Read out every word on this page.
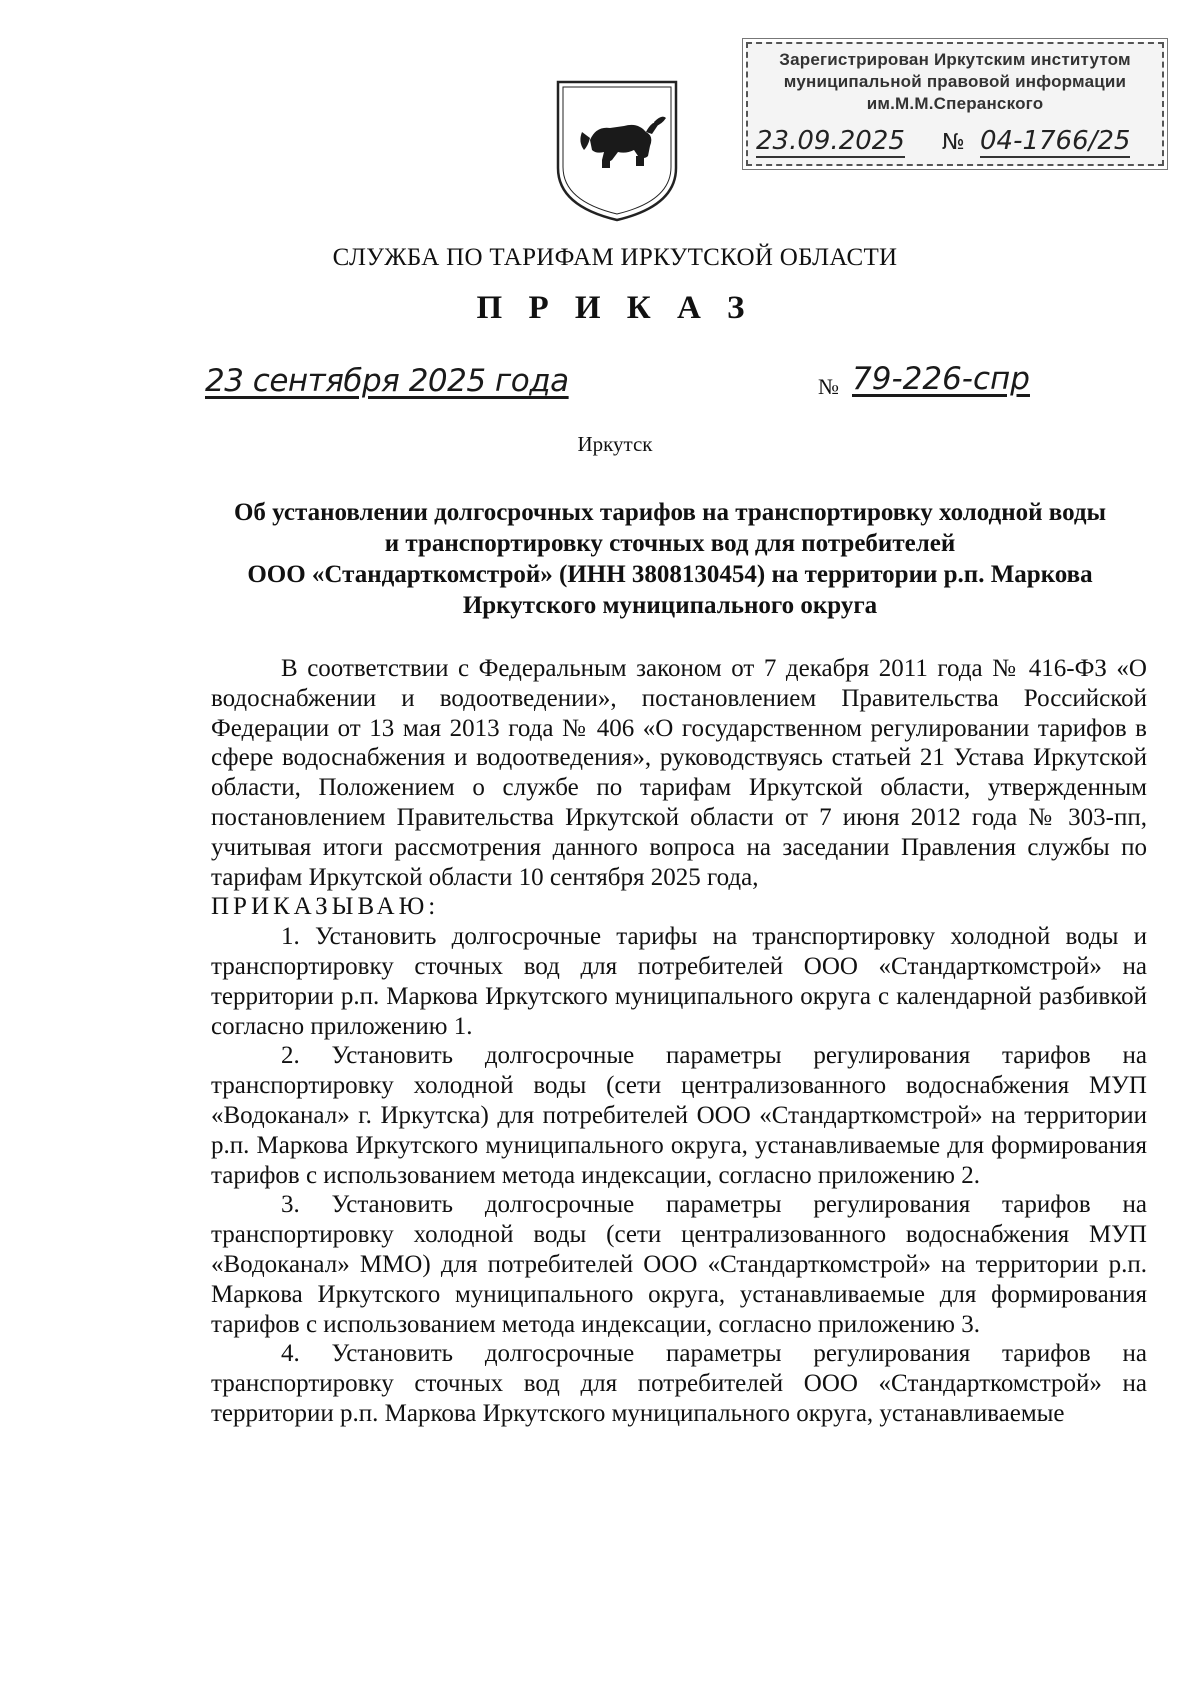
Зарегистрирован Иркутским институтом
муниципальной правовой информации
им.М.М.Сперанского
23.09.2025 № 04-1766/25
СЛУЖБА ПО ТАРИФАМ ИРКУТСКОЙ ОБЛАСТИ
П Р И К А З
23 сентября 2025 года	№ 79-226-спр
Иркутск
Об установлении долгосрочных тарифов на транспортировку холодной воды
и транспортировку сточных вод для потребителей
ООО «Стандарткомстрой» (ИНН 3808130454) на территории р.п. Маркова
Иркутского муниципального округа

В соответствии с Федеральным законом от 7 декабря 2011 года № 416-ФЗ «О водоснабжении и водоотведении», постановлением Правительства Российской Федерации от 13 мая 2013 года № 406 «О государственном регулировании тарифов в сфере водоснабжения и водоотведения», руководствуясь статьей 21 Устава Иркутской области, Положением о службе по тарифам Иркутской области, утвержденным постановлением Правительства Иркутской области от 7 июня 2012 года № 303-пп, учитывая итоги рассмотрения данного вопроса на заседании Правления службы по тарифам Иркутской области 10 сентября 2025 года,

ПРИКАЗЫВАЮ:

1. Установить долгосрочные тарифы на транспортировку холодной воды и транспортировку сточных вод для потребителей ООО «Стандарткомстрой» на территории р.п. Маркова Иркутского муниципального округа с календарной разбивкой согласно приложению 1.

2. Установить долгосрочные параметры регулирования тарифов на транспортировку холодной воды (сети централизованного водоснабжения МУП «Водоканал» г. Иркутска) для потребителей ООО «Стандарткомстрой» на территории р.п. Маркова Иркутского муниципального округа, устанавливаемые для формирования тарифов с использованием метода индексации, согласно приложению 2.

3. Установить долгосрочные параметры регулирования тарифов на транспортировку холодной воды (сети централизованного водоснабжения МУП «Водоканал» ММО) для потребителей ООО «Стандарткомстрой» на территории р.п. Маркова Иркутского муниципального округа, устанавливаемые для формирования тарифов с использованием метода индексации, согласно приложению 3.

4. Установить долгосрочные параметры регулирования тарифов на транспортировку сточных вод для потребителей ООО «Стандарткомстрой» на территории р.п. Маркова Иркутского муниципального округа, устанавливаемые
